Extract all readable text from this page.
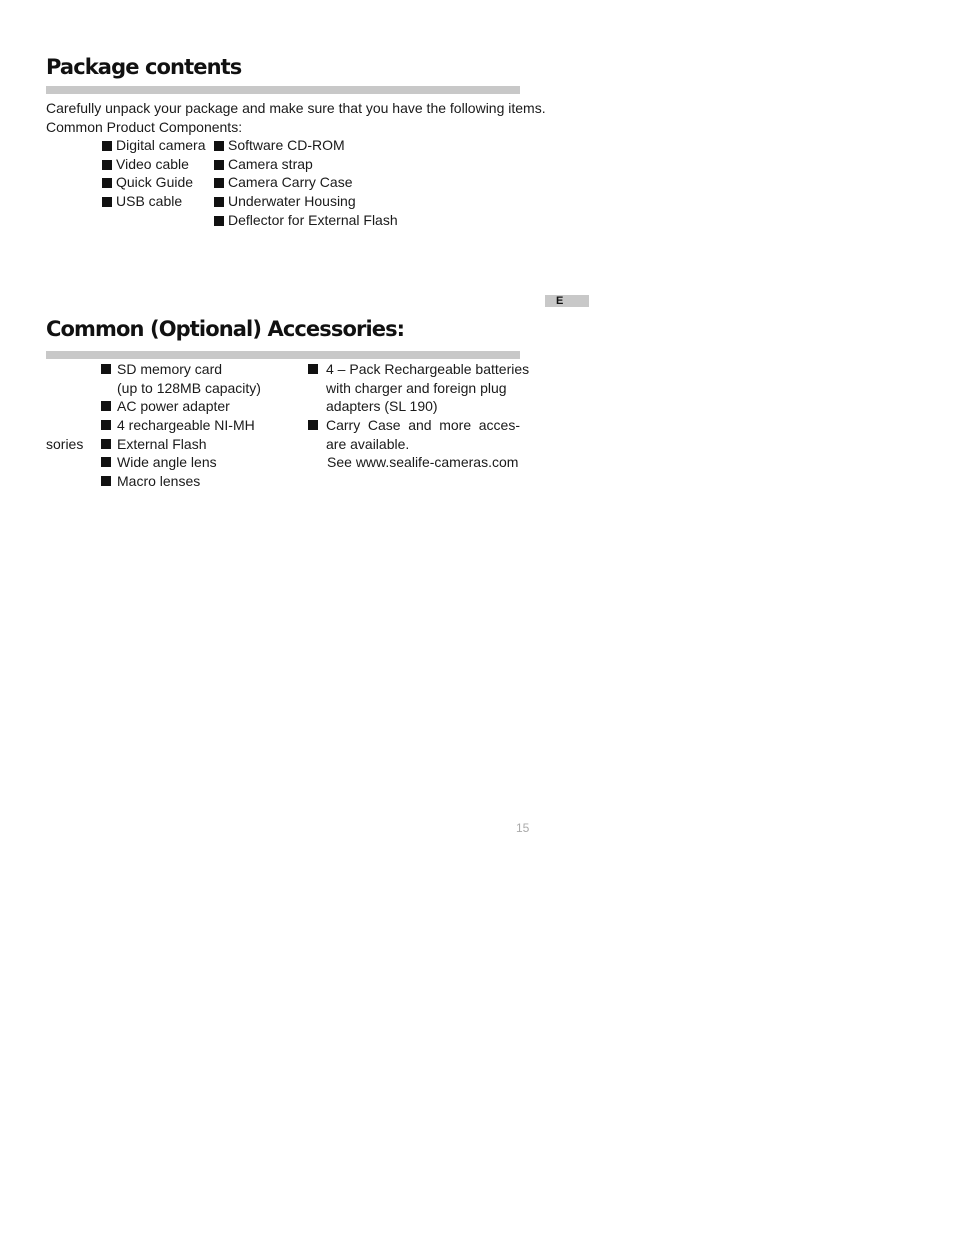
Package contents
Carefully unpack your package and make sure that you have the following items.
Common Product Components:
Digital camera
Video cable
Quick Guide
USB cable
Software CD-ROM
Camera strap
Camera Carry Case
Underwater Housing
Deflector for External Flash
E
Common (Optional) Accessories:
sories
SD memory card
(up to 128MB capacity)
AC power adapter
4 rechargeable NI-MH
External Flash
Wide angle lens
Macro lenses
4 – Pack Rechargeable batteries
with charger and foreign plug
adapters (SL 190)
Carry Case and more acces-
are available.
See www.sealife-cameras.com
15
